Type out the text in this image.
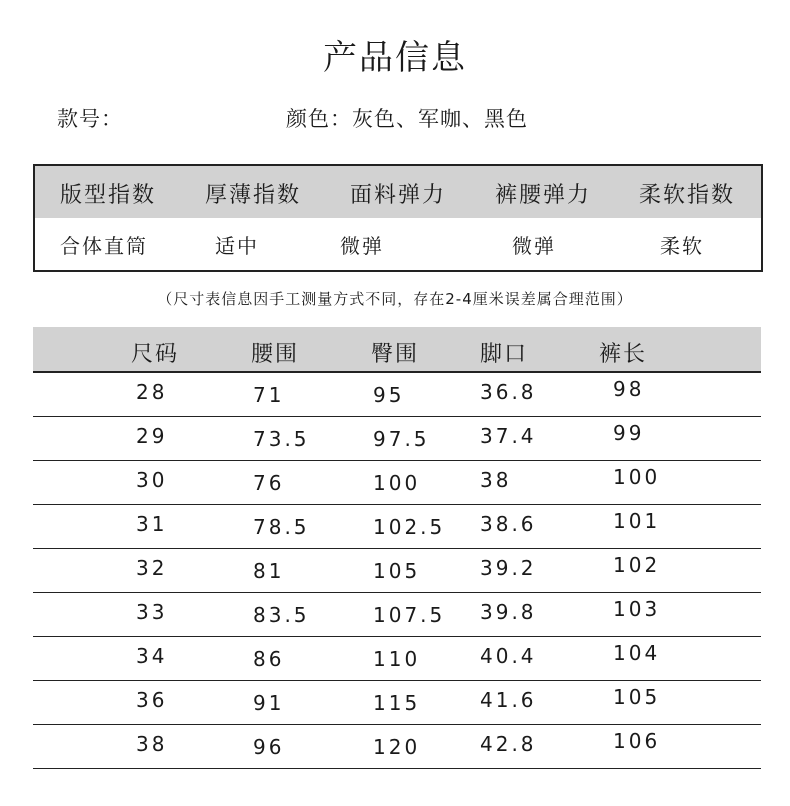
产品信息
款号：	颜色：灰色、军咖、黑色
版型指数 厚薄指数 面料弹力 裤腰弹力 柔软指数
合体直筒	适中	微弹	微弹	柔软
（尺寸表信息因手工测量方式不同，存在2-4厘米误差属合理范围）
尺码	腰围	臀围	脚口	裤长
28	71	95	36.8	98
29	73.5	97.5	37.4	99
30	76	100	38	100
31	78.5	102.5 38.6	101
32	81	105	39.2	102
33	83.5	107.5 39.8	103
34	86	110	40.4	104
36	91	115	41.6	105
38	96	120	42.8	106
